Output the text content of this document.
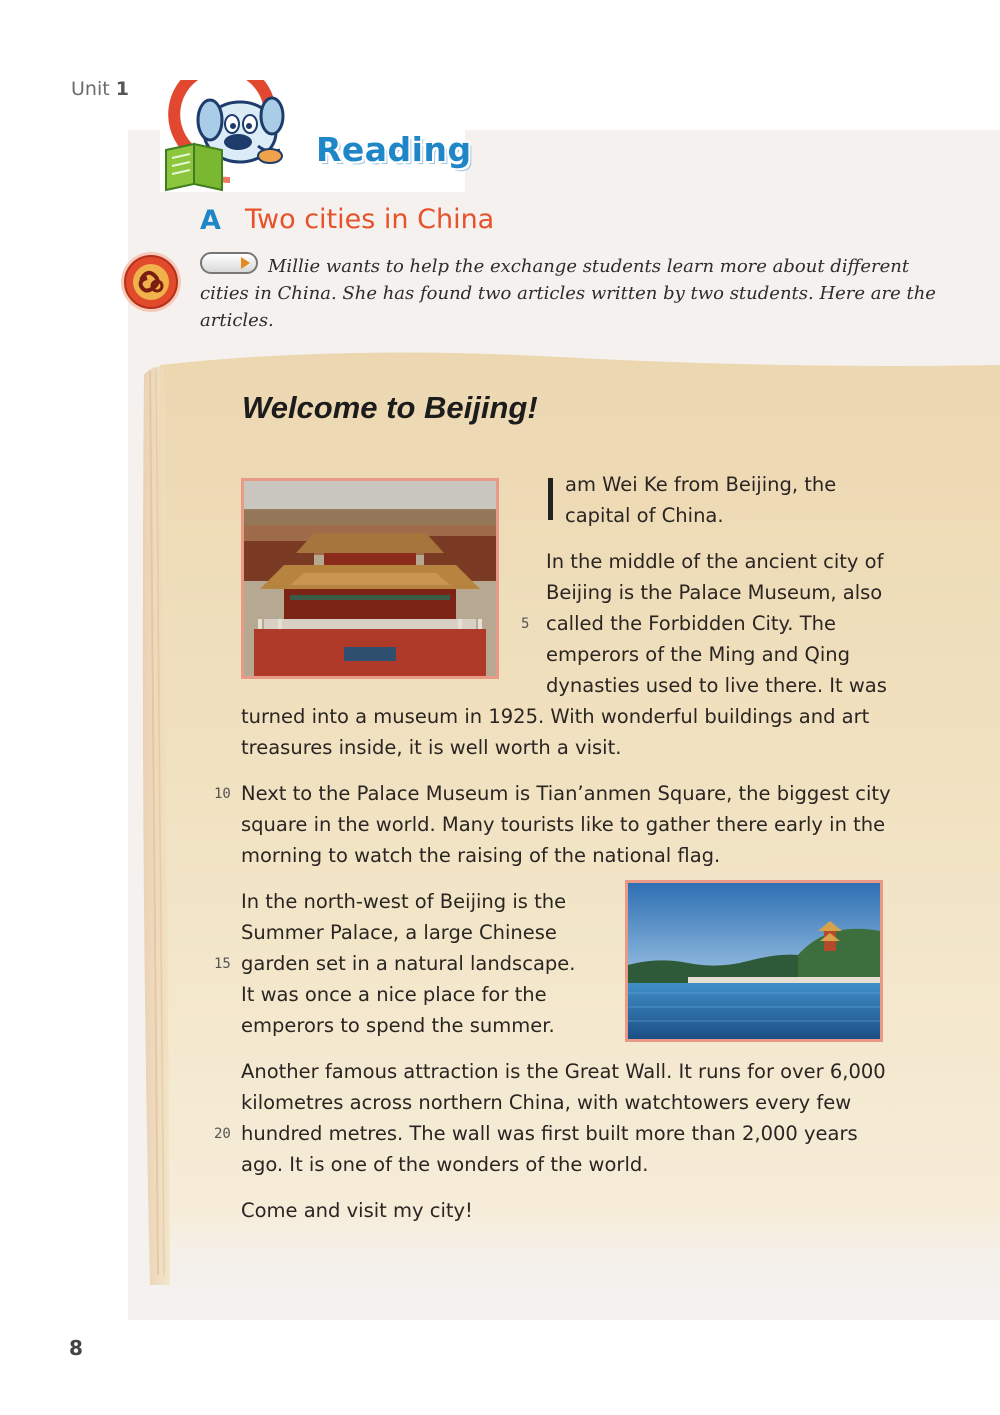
Unit 1
Reading
A Two cities in China
Millie wants to help the exchange students learn more about different cities in China. She has found two articles written by two students. Here are the articles.
Welcome to Beijing!
am Wei Ke from Beijing, the
capital of China.
In the middle of the ancient city of
Beijing is the Palace Museum, also
5 called the Forbidden City. The
emperors of the Ming and Qing
dynasties used to live there. It was
turned into a museum in 1925. With wonderful buildings and art
treasures inside, it is well worth a visit.
10 Next to the Palace Museum is Tian’anmen Square, the biggest city
square in the world. Many tourists like to gather there early in the
morning to watch the raising of the national flag.
In the north-west of Beijing is the
Summer Palace, a large Chinese
15 garden set in a natural landscape.
It was once a nice place for the
emperors to spend the summer.
Another famous attraction is the Great Wall. It runs for over 6,000
kilometres across northern China, with watchtowers every few
20 hundred metres. The wall was first built more than 2,000 years
ago. It is one of the wonders of the world.
Come and visit my city!
8
